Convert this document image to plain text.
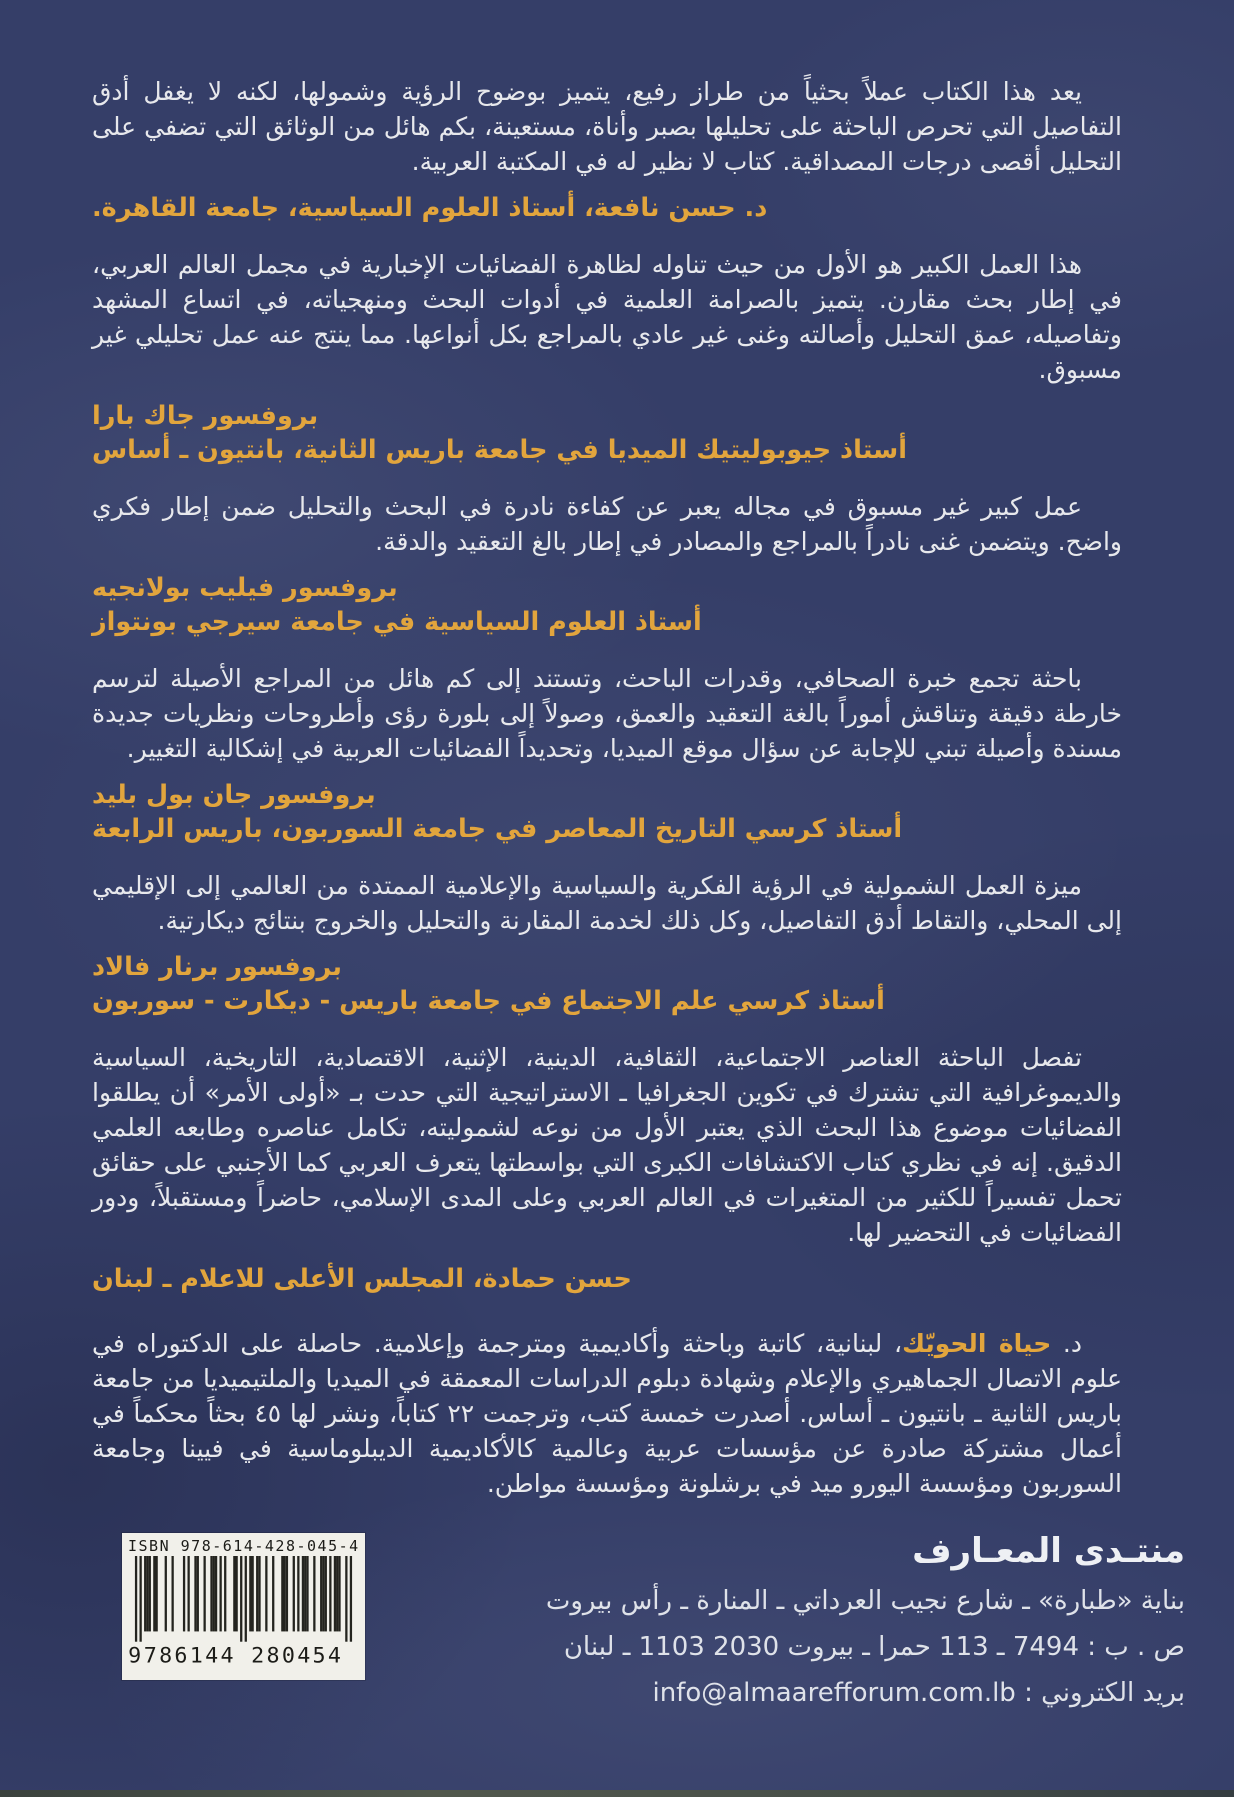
يعد هذا الكتاب عملاً بحثياً من طراز رفيع، يتميز بوضوح الرؤية وشمولها، لكنه لا يغفل أدق التفاصيل التي تحرص الباحثة على تحليلها بصبر وأناة، مستعينة، بكم هائل من الوثائق التي تضفي على التحليل أقصى درجات المصداقية. كتاب لا نظير له في المكتبة العربية.

د. حسن نافعة، أستاذ العلوم السياسية، جامعة القاهرة.

هذا العمل الكبير هو الأول من حيث تناوله لظاهرة الفضائيات الإخبارية في مجمل العالم العربي، في إطار بحث مقارن. يتميز بالصرامة العلمية في أدوات البحث ومنهجياته، في اتساع المشهد وتفاصيله، عمق التحليل وأصالته وغنى غير عادي بالمراجع بكل أنواعها. مما ينتج عنه عمل تحليلي غير مسبوق.

بروفسور جاك بارا
أستاذ جيوبوليتيك الميديا في جامعة باريس الثانية، بانتيون ـ أساس

عمل كبير غير مسبوق في مجاله يعبر عن كفاءة نادرة في البحث والتحليل ضمن إطار فكري واضح. ويتضمن غنى نادراً بالمراجع والمصادر في إطار بالغ التعقيد والدقة.

بروفسور فيليب بولانجيه
أستاذ العلوم السياسية في جامعة سيرجي بونتواز

باحثة تجمع خبرة الصحافي، وقدرات الباحث، وتستند إلى كم هائل من المراجع الأصيلة لترسم خارطة دقيقة وتناقش أموراً بالغة التعقيد والعمق، وصولاً إلى بلورة رؤى وأطروحات ونظريات جديدة مسندة وأصيلة تبني للإجابة عن سؤال موقع الميديا، وتحديداً الفضائيات العربية في إشكالية التغيير.

بروفسور جان بول بليد
أستاذ كرسي التاريخ المعاصر في جامعة السوربون، باريس الرابعة

ميزة العمل الشمولية في الرؤية الفكرية والسياسية والإعلامية الممتدة من العالمي إلى الإقليمي إلى المحلي، والتقاط أدق التفاصيل، وكل ذلك لخدمة المقارنة والتحليل والخروج بنتائج ديكارتية.

بروفسور برنار فالاد
أستاذ كرسي علم الاجتماع في جامعة باريس - ديكارت - سوربون

تفصل الباحثة العناصر الاجتماعية، الثقافية، الدينية، الإثنية، الاقتصادية، التاريخية، السياسية والديموغرافية التي تشترك في تكوين الجغرافيا ـ الاستراتيجية التي حدت بـ «أولى الأمر» أن يطلقوا الفضائيات موضوع هذا البحث الذي يعتبر الأول من نوعه لشموليته، تكامل عناصره وطابعه العلمي الدقيق. إنه في نظري كتاب الاكتشافات الكبرى التي بواسطتها يتعرف العربي كما الأجنبي على حقائق تحمل تفسيراً للكثير من المتغيرات في العالم العربي وعلى المدى الإسلامي، حاضراً ومستقبلاً، ودور الفضائيات في التحضير لها.

حسن حمادة، المجلس الأعلى للاعلام ـ لبنان

د. حياة الحويّك، لبنانية، كاتبة وباحثة وأكاديمية ومترجمة وإعلامية. حاصلة على الدكتوراه في علوم الاتصال الجماهيري والإعلام وشهادة دبلوم الدراسات المعمقة في الميديا والملتيميديا من جامعة باريس الثانية ـ بانتيون ـ أساس. أصدرت خمسة كتب، وترجمت ٢٢ كتاباً، ونشر لها ٤٥ بحثاً محكماً في أعمال مشتركة صادرة عن مؤسسات عربية وعالمية كالأكاديمية الديبلوماسية في فيينا وجامعة السوربون ومؤسسة اليورو ميد في برشلونة ومؤسسة مواطن.

ISBN 978-614-428-045-4
9 786144 280454
منتـدى المعـارف
بناية «طبارة» ـ شارع نجيب العرداتي ـ المنارة ـ رأس بيروت
ص . ب : 7494 ـ 113 حمرا ـ بيروت 2030 1103 ـ لبنان
بريد الكتروني : info@almaarefforum.com.lb
